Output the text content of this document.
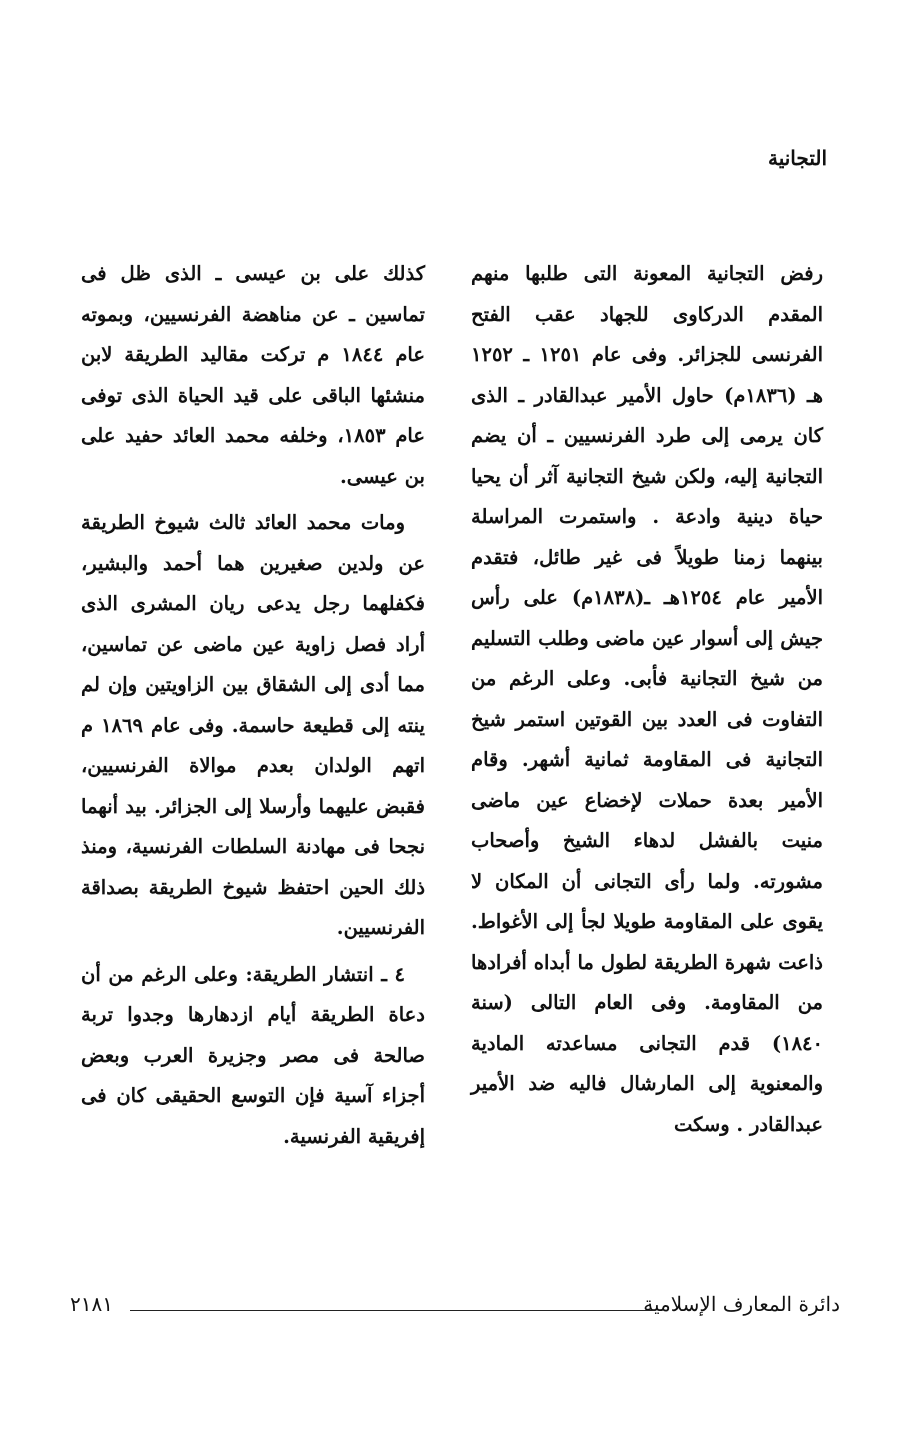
التجانية

رفض التجانية المعونة التى طلبها منهم المقدم الدركاوى للجهاد عقب الفتح الفرنسى للجزائر. وفى عام ١٢٥١ ـ ١٢٥٢ هـ (١٨٣٦م) حاول الأمير عبدالقادر ـ الذى كان يرمى إلى طرد الفرنسيين ـ أن يضم التجانية إليه، ولكن شيخ التجانية آثر أن يحيا حياة دينية وادعة . واستمرت المراسلة بينهما زمنا طويلاً فى غير طائل، فتقدم الأمير عام ١٢٥٤هـ ـ(١٨٣٨م) على رأس جيش إلى أسوار عين ماضى وطلب التسليم من شيخ التجانية فأبى. وعلى الرغم من التفاوت فى العدد بين القوتين استمر شيخ التجانية فى المقاومة ثمانية أشهر. وقام الأمير بعدة حملات لإخضاع عين ماضى منيت بالفشل لدهاء الشيخ وأصحاب مشورته. ولما رأى التجانى أن المكان لا يقوى على المقاومة طويلا لجأ إلى الأغواط. ذاعت شهرة الطريقة لطول ما أبداه أفرادها من المقاومة. وفى العام التالى (سنة ١٨٤٠) قدم التجانى مساعدته المادية والمعنوية إلى المارشال فاليه ضد الأمير عبدالقادر . وسكت

كذلك على بن عيسى ـ الذى ظل فى تماسين ـ عن مناهضة الفرنسيين، وبموته عام ١٨٤٤ م تركت مقاليد الطريقة لابن منشئها الباقى على قيد الحياة الذى توفى عام ١٨٥٣، وخلفه محمد العائد حفيد على بن عيسى.

ومات محمد العائد ثالث شيوخ الطريقة عن ولدين صغيرين هما أحمد والبشير، فكفلهما رجل يدعى ريان المشرى الذى أراد فصل زاوية عين ماضى عن تماسين، مما أدى إلى الشقاق بين الزاويتين وإن لم ينته إلى قطيعة حاسمة. وفى عام ١٨٦٩ م اتهم الولدان بعدم موالاة الفرنسيين، فقبض عليهما وأرسلا إلى الجزائر. بيد أنهما نجحا فى مهادنة السلطات الفرنسية، ومنذ ذلك الحين احتفظ شيوخ الطريقة بصداقة الفرنسيين.

٤ ـ انتشار الطريقة: وعلى الرغم من أن دعاة الطريقة أيام ازدهارها وجدوا تربة صالحة فى مصر وجزيرة العرب وبعض أجزاء آسية فإن التوسع الحقيقى كان فى إفريقية الفرنسية.

دائرة المعارف الإسلامية
٢١٨١
